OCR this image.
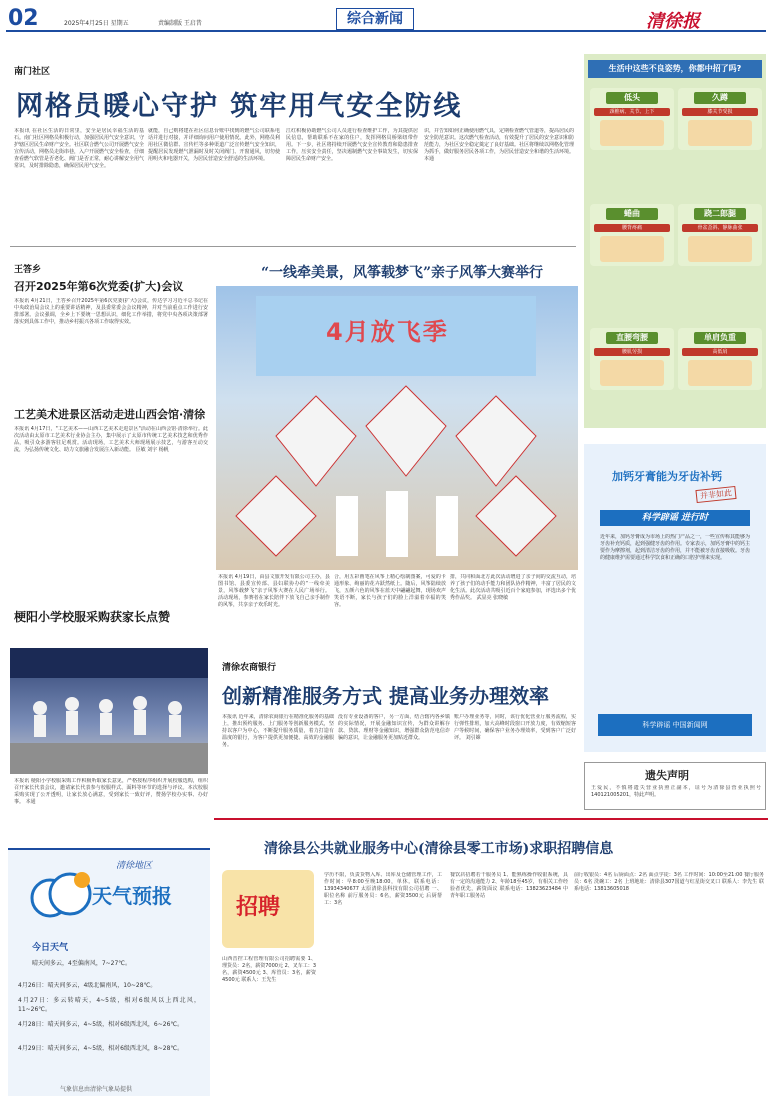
02	2025年4月25日 星期五	责编制版 王启昔	综合新闻	清徐报
南门社区
网格员暖心守护 筑牢用气安全防线
本报讯 在社区生活的日常里，安全是居民幸福生活的基石。南门社区网格员积极行动，加强居民用气安全意识，守护辖区居民生命财产安全。社区联合燃气公司开展燃气安全宣传活动，网格员走街串巷，入户开展燃气安全检查，仔细查看燃气软管是否老化、阀门是否正常，耐心讲解安全用气常识，及时排除隐患，确保居民用气安全。
就能，自己则将建在社区信息台账中找到的燃气公司联系电话并进行对接，并详细询问用户使用情况。此外，网格员利用社区微信群、宣传栏等多种渠道广泛宣传燃气安全知识，提醒居民发现燃气泄漏时及时关闭阀门、开窗通风，切勿使用明火和电器开关，为居民营造安全舒适的生活环境。
江红积极协助燃气公司人员进行检查维护工作，为其提供居民信息，帮助联系不在家的住户，发挥网格员桥梁纽带作用。下一步，社区将持续开展燃气安全宣传教育和隐患排查工作，压实安全责任，坚决遏制燃气安全事故发生，切实保障居民生命财产安全。
识，并告知如何正确使用燃气具，定期检查燃气管道等，提高居民的安全防范意识。这次燃气检查活动，有效提升了居民的安全意识和防范能力，为社区安全稳定奠定了良好基础。社区将继续以网格化管理为抓手，做好服务居民各项工作，为居民营造安全和谐的生活环境。 本通
王答乡
召开2025年第6次党委(扩大)会议
本报讯 4月21日，王答乡召开2025年第6次党委(扩大)会议，传达学习习近平总书记在中央政治局会议上的重要讲话精神，及县委常委会会议精神，并对当前重点工作进行安排部署。会议强调，全乡上下要统一思想认识，细化工作举措，将党中央各项决策部署落实到具体工作中，推动乡村振兴各项工作取得实效。
工艺美术进景区活动走进山西会馆·清徐
本报讯 4月17日，"工艺美术——山西工艺美术走进景区"活动在山西会馆·清徐举行。此次活动由太原市工艺美术行业协会主办，集中展示了太原市传统工艺美术技艺和优秀作品，吸引众多游客驻足观赏。活动现场，工艺美术大师现场展示技艺，与游客互动交流，为弘扬传统文化、助力文旅融合发展注入新动能。 臣敏 刘宇 杨帆
梗阳小学校服采购获家长点赞
本报讯 梗阳小学校服采购工作积极听取家长意见，严格按程序组织开展校服选购，组织召开家长代表会议，邀请家长代表参与校服样式、面料等环节的选择与评议。本次校服采购实现了公开透明，让家长放心满意，受到家长一致好评，赞扬学校办实事、办好事。 本通
清徐地区
天气预报
今日天气
晴天间多云，4至偏南风，7~27℃。
4月26日：晴天间多云，4级北偏南风，10~28℃。
4月27日：多云转晴天，4~5级，相对6级风以上西北风，11~26℃。
4月28日：晴天间多云，4~5级，相对6级西北风，6~26℃。
4月29日：晴天间多云，4~5级，相对6级西北风，8~28℃。
气象信息由清徐气象局提供
“一线牵美景，风筝载梦飞”亲子风筝大赛举行
4月放飞季
本报讯 4月19日，由县文旅开发有限公司主办，县图书馆、县委宣传部、县妇联协办的“一线牵美景，风筝载梦飞”亲子风筝大赛在人民广场举行。活动现场，参赛者在家长陪伴下放飞自己亲手制作的风筝，共享亲子欢乐时光。
合，用五彩画笔在风筝上精心绘制图案，可爱的卡通形象、绚丽的花卉跃然纸上。随后，风筝陆续放飞，五颜六色的风筝在蓝天中翩翩起舞，现场欢声笑语不断，家长与孩子们的脸上洋溢着幸福的笑容。
排，共同和面北方此次活动增进了亲子间的交流互动，培养了孩子们的动手能力和团队协作精神，丰富了居民的文化生活。此次活动共吸引近百个家庭参加，评选出多个优秀作品奖。 武显亮 张晓敏
清徐农商银行
创新精准服务方式 提高业务办理效率
本报讯 近年来，清徐农商银行在精准化服务的基础上，推出预约服务、上门服务等创新服务模式，坚持以客户为中心，不断提升服务质量，着力打造有温度的银行，为客户提供更加便捷、高效的金融服务。
没有专业设备的客户，另一方面，结合辖内各乡镇的实际情况，开展金融知识宣传，为群众讲解存款、贷款、理财等金融知识，增强群众防范电信诈骗的意识，让金融服务更加贴近群众。
账户办理业务等，同时，该行优化营业厅服务流程，实行弹性排班，加大高峰时段窗口开放力度，有效缩短客户等候时间，确保客户业务办理效率，受到客户广泛好评。 刘引嫦
生活中这些不良姿势，你都中招了吗?
低头
颈椎病、关节、上下
久蹲
膝关节受损
蜷曲
腰背疼痛
跷二郎腿
骨盆歪斜、静脉曲张
直腰弯腰
腰肌劳损
单肩负重
高低肩
加钙牙膏能为牙齿补钙
并非如此
科学辟谣 进行时
近年来，加钙牙膏成为市场上的热门产品之一，一些宣传称其能够为牙齿补充钙质，起到强健牙齿的作用。专家表示，加钙牙膏中的钙主要作为摩擦剂，起到清洁牙齿的作用，并不能被牙齿直接吸收。牙齿的健康维护需要通过科学饮食和正确的口腔护理来实现。
科学辟谣 中国新闻网
遗失声明
王爱民，不慎将遗失营业执照正副本，证号为清徐县营业执照号140121005201，特此声明。
清徐县公共就业服务中心(清徐县零工市场)求职招聘信息
招聘
山西晋控工程管理有限公司招聘需要 1、理货员：2名，薪资7000元 2、叉车工：3名，薪资4500元 3、库管员：3名，薪资4500元 联系人：王先生
学历不限，负责货物入库、出库及仓储管理工作，工作时间：早8:00至晚18:00，单休。联系电话：13934340677 太原清徐县科技有限公司招聘 一、职位名称 前厅服务员：6名，薪资3500元 后厨帮工：3名
餐饮店招聘若干服务员 1、能熟练操作收银系统，具有一定的沟通能力 2、年龄18至45岁，有相关工作经验者优先，薪资面议 联系电话：13823623484 中青年职工服务站
前厅收银员：4名 后厨面点：2名 面点学徒：3名 工作时间：10:00至21:00 餐厅服务员：6名 洗碗工：2名 上班地址：清徐县307国道与红星街交叉口 联系人：李先生 联系电话：13813605018
